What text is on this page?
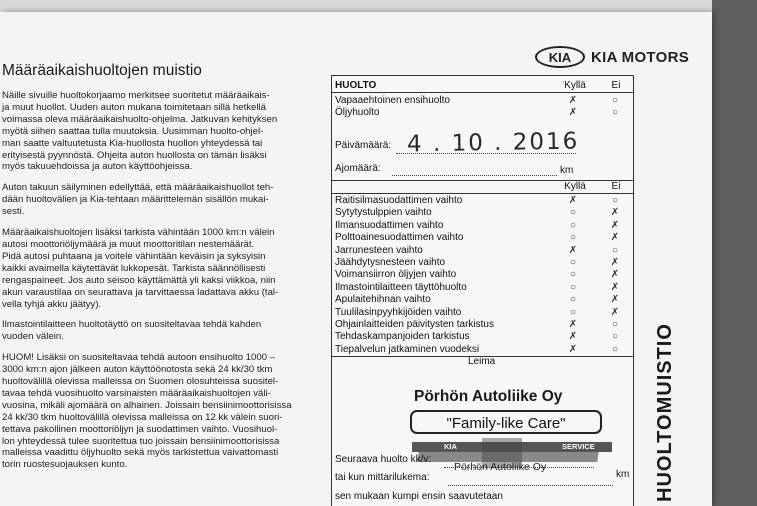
KIA	KIA MOTORS
Määräaikaishuoltojen muistio
Näille sivuille huoltokorjaamo merkitsee suoritetut määräaikais-
ja muut huollot. Uuden auton mukana toimitetaan sillä hetkellä
voimassa oleva määräaikaishuolto-ohjelma. Jatkuvan kehityksen
myötä siihen saattaa tulla muutoksia. Uusimman huolto-ohjel-
man saatte valtuutetusta Kia-huollosta huollon yhteydessä tai
erityisestä pyynnöstä. Ohjeita auton huollosta on tämän lisäksi
myös takuuehdoissa ja auton käyttöohjeissa.
Auton takuun säilyminen edellyttää, että määräaikaishuollot teh-
dään huoltovälien ja Kia-tehtaan määrittelemän sisällön mukai-
sesti.
Määräaikaishuoltojen lisäksi tarkista vähintään 1000 km:n välein
autosi moottoriöljymäärä ja muut moottoritilan nestemäärät.
Pidä autosi puhtaana ja voitele vähintään keväisin ja syksyisin
kaikki avaimella käytettävät lukkopesät. Tarkista säännöllisesti
rengaspaineet. Jos auto seisoo käyttämättä yli kaksi viikkoa, niin
akun varaustilaa on seurattava ja tarvittaessa ladattava akku (tal-
vella tyhjä akku jäätyy).
Ilmastointilaitteen huoltotäyttö on suositeltavaa tehdä kahden
vuoden välein.
HUOM! Lisäksi on suositeltavaa tehdä autoon ensihuolto 1000 –
3000 km:n ajon jälkeen auton käyttöönotosta sekä 24 kk/30 tkm
huoltovälillä olevissa malleissa on Suomen olosuhteissa suositel-
tavaa tehdä vuosihuolto varsinaisten määräaikaishuoltojen väli-
vuosina, mikäli ajomäärä on alhainen. Joissain bensiinimoottorisissa
24 kk/30 tkm huoltovälillä olevissa malleissa on 12 kk välein suori-
tettava pakollinen moottoriöljyn ja suodattimen vaihto. Vuosihuol-
lon yhteydessä tulee suoritettua tuo joissain bensiinimoottorisissa
malleissa vaadittu öljyhuolto sekä myös tarkistettua vaivattomasti
torin ruostesuojauksen kunto.
HUOLTO	Kyllä	Ei
Vapaaehtoinen ensihuolto	✗	○
Öljyhuolto	✗	○
Päivämäärä: 4 . 10 . 2016
Ajomäärä:	km
Kyllä	Ei
Raitisilmasuodattimen vaihto	✗	○
Sytytystulppien vaihto	○	✗
Ilmansuodattimen vaihto	○	✗
Polttoainesuodattimen vaihto	○	✗
Jarrunesteen vaihto	✗	○
Jäähdytysnesteen vaihto	○	✗
Voimansiirron öljyjen vaihto	○	✗
Ilmastointilaitteen täyttöhuolto	○	✗
Apulaitehihnan vaihto	○	✗
Tuulilasinpyyhkijöiden vaihto	○	✗
Ohjainlaitteiden päivitysten tarkistus	✗	○
Tehdaskampanjoiden tarkistus	✗	○
Tiepalvelun jatkaminen vuodeksi	✗	○
Leima
Pörhön Autoliike Oy
"Family-like Care"
KIA	SERVICE
Seuraava huolto kk/v:
Pörhön Autoliike Oy
tai kun mittarilukema:	km
sen mukaan kumpi ensin saavutetaan	HUOLTOMUISTIO
